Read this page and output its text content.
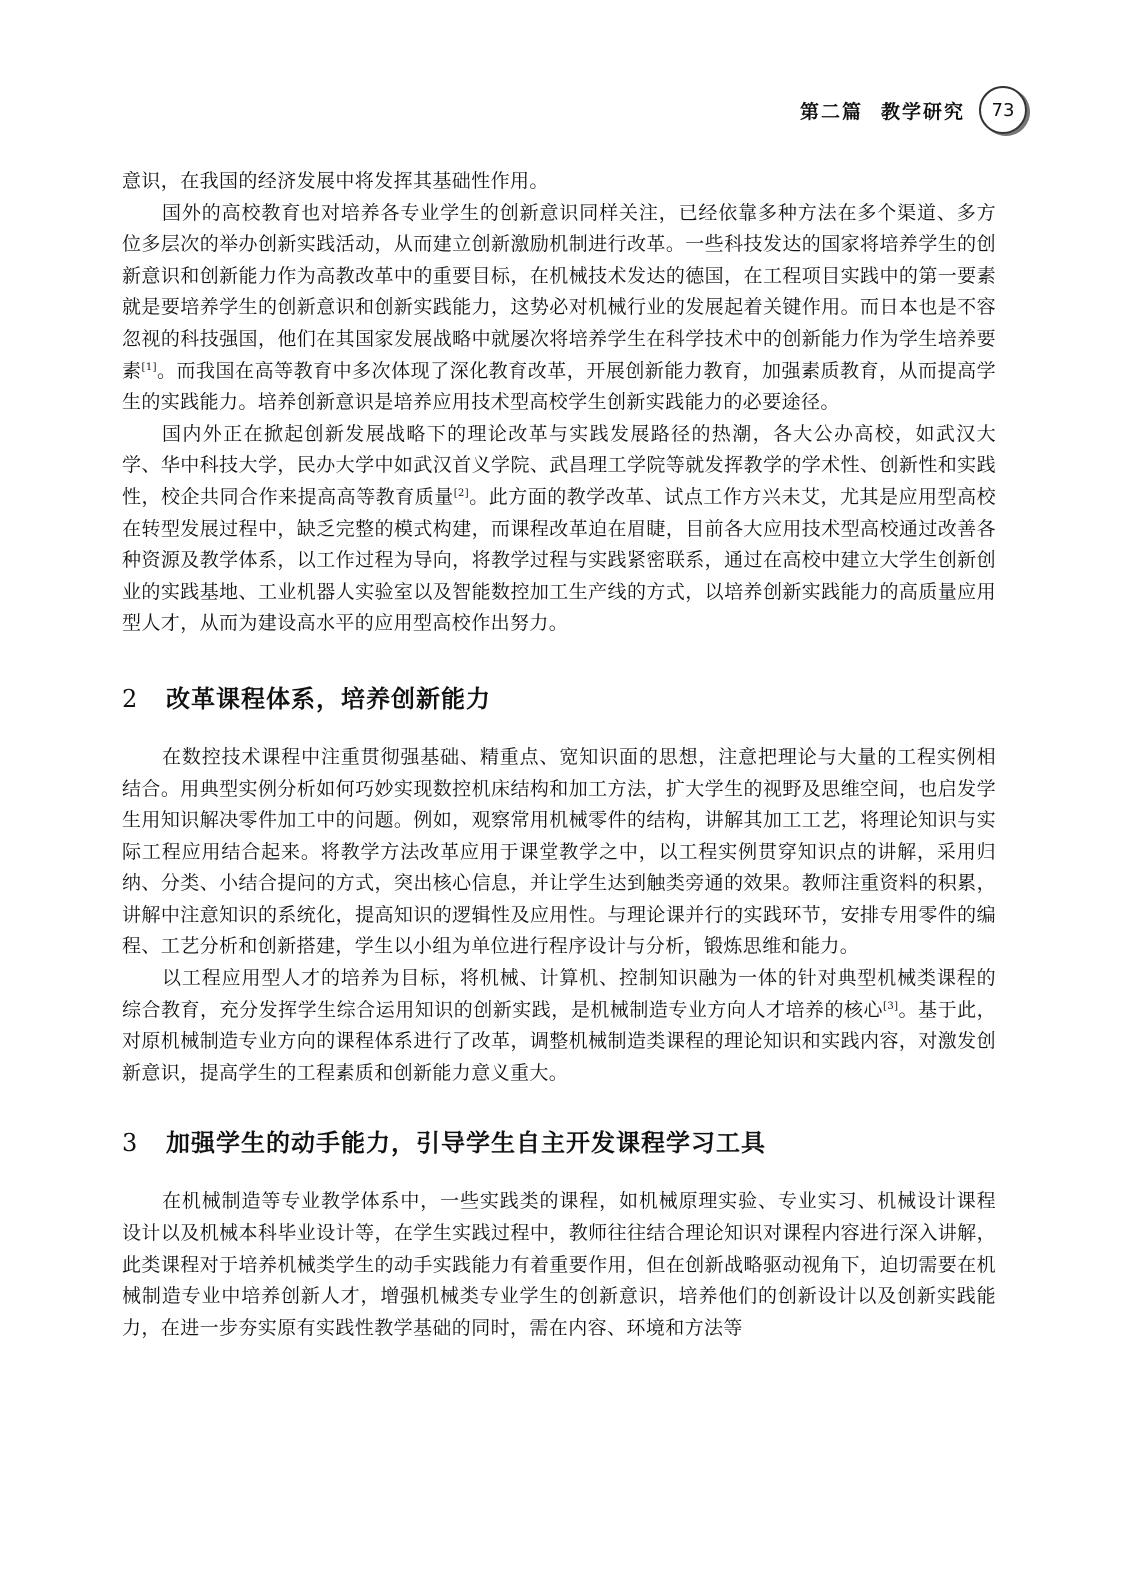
第二篇 教学研究 73

意识，在我国的经济发展中将发挥其基础性作用。

国外的高校教育也对培养各专业学生的创新意识同样关注，已经依靠多种方法在多个渠道、多方位多层次的举办创新实践活动，从而建立创新激励机制进行改革。一些科技发达的国家将培养学生的创新意识和创新能力作为高教改革中的重要目标，在机械技术发达的德国，在工程项目实践中的第一要素就是要培养学生的创新意识和创新实践能力，这势必对机械行业的发展起着关键作用。而日本也是不容忽视的科技强国，他们在其国家发展战略中就屡次将培养学生在科学技术中的创新能力作为学生培养要素[1]。而我国在高等教育中多次体现了深化教育改革，开展创新能力教育，加强素质教育，从而提高学生的实践能力。培养创新意识是培养应用技术型高校学生创新实践能力的必要途径。

国内外正在掀起创新发展战略下的理论改革与实践发展路径的热潮，各大公办高校，如武汉大学、华中科技大学，民办大学中如武汉首义学院、武昌理工学院等就发挥教学的学术性、创新性和实践性，校企共同合作来提高高等教育质量[2]。此方面的教学改革、试点工作方兴未艾，尤其是应用型高校在转型发展过程中，缺乏完整的模式构建，而课程改革迫在眉睫，目前各大应用技术型高校通过改善各种资源及教学体系，以工作过程为导向，将教学过程与实践紧密联系，通过在高校中建立大学生创新创业的实践基地、工业机器人实验室以及智能数控加工生产线的方式，以培养创新实践能力的高质量应用型人才，从而为建设高水平的应用型高校作出努力。

2	改革课程体系，培养创新能力

在数控技术课程中注重贯彻强基础、精重点、宽知识面的思想，注意把理论与大量的工程实例相结合。用典型实例分析如何巧妙实现数控机床结构和加工方法，扩大学生的视野及思维空间，也启发学生用知识解决零件加工中的问题。例如，观察常用机械零件的结构，讲解其加工工艺，将理论知识与实际工程应用结合起来。将教学方法改革应用于课堂教学之中，以工程实例贯穿知识点的讲解，采用归纳、分类、小结合提问的方式，突出核心信息，并让学生达到触类旁通的效果。教师注重资料的积累，讲解中注意知识的系统化，提高知识的逻辑性及应用性。与理论课并行的实践环节，安排专用零件的编程、工艺分析和创新搭建，学生以小组为单位进行程序设计与分析，锻炼思维和能力。

以工程应用型人才的培养为目标，将机械、计算机、控制知识融为一体的针对典型机械类课程的综合教育，充分发挥学生综合运用知识的创新实践，是机械制造专业方向人才培养的核心[3]。基于此，对原机械制造专业方向的课程体系进行了改革，调整机械制造类课程的理论知识和实践内容，对激发创新意识，提高学生的工程素质和创新能力意义重大。

3	加强学生的动手能力，引导学生自主开发课程学习工具

在机械制造等专业教学体系中，一些实践类的课程，如机械原理实验、专业实习、机械设计课程设计以及机械本科毕业设计等，在学生实践过程中，教师往往结合理论知识对课程内容进行深入讲解，此类课程对于培养机械类学生的动手实践能力有着重要作用，但在创新战略驱动视角下，迫切需要在机械制造专业中培养创新人才，增强机械类专业学生的创新意识，培养他们的创新设计以及创新实践能力，在进一步夯实原有实践性教学基础的同时，需在内容、环境和方法等
